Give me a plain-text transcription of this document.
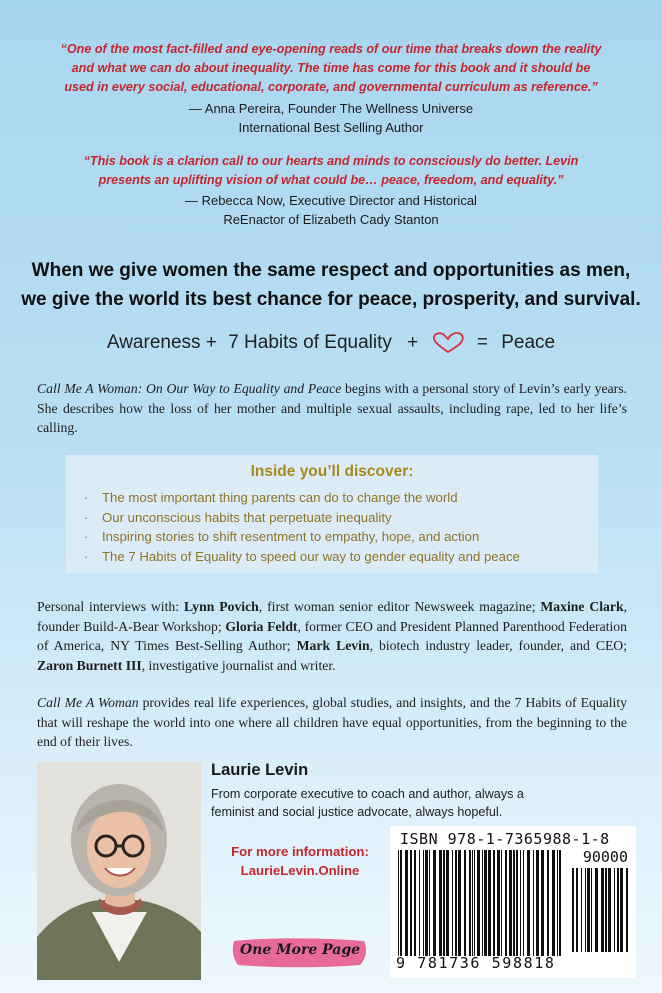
“One of the most fact-filled and eye-opening reads of our time that breaks down the reality
and what we can do about inequality. The time has come for this book and it should be
used in every social, educational, corporate, and governmental curriculum as reference.”
— Anna Pereira, Founder The Wellness Universe
International Best Selling Author
“This book is a clarion call to our hearts and minds to consciously do better. Levin
presents an uplifting vision of what could be… peace, freedom, and equality.”
— Rebecca Now, Executive Director and Historical
ReEnactor of Elizabeth Cady Stanton
When we give women the same respect and opportunities as men,
we give the world its best chance for peace, prosperity, and survival.
Awareness + 7 Habits of Equality +	= Peace
Call Me A Woman: On Our Way to Equality and Peace begins with a personal story of Levin’s early years. She describes how the loss of her mother and multiple sexual assaults, including rape, led to her life’s calling.
Inside you’ll discover:
· The most important thing parents can do to change the world
· Our unconscious habits that perpetuate inequality
· Inspiring stories to shift resentment to empathy, hope, and action
· The 7 Habits of Equality to speed our way to gender equality and peace
Personal interviews with: Lynn Povich, first woman senior editor Newsweek magazine; Maxine Clark, founder Build-A-Bear Workshop; Gloria Feldt, former CEO and President Planned Parenthood Federation of America, NY Times Best-Selling Author; Mark Levin, biotech industry leader, founder, and CEO; Zaron Burnett III, investigative journalist and writer.
Call Me A Woman provides real life experiences, global studies, and insights, and the 7 Habits of Equality that will reshape the world into one where all children have equal opportunities, from the beginning to the end of their lives.
Laurie Levin
From corporate executive to coach and author, always a feminist and social justice advocate, always hopeful.
For more information:
LaurieLevin.Online
One More Page
ISBN 978-1-7365988-1-8
90000
9 781736 598818
